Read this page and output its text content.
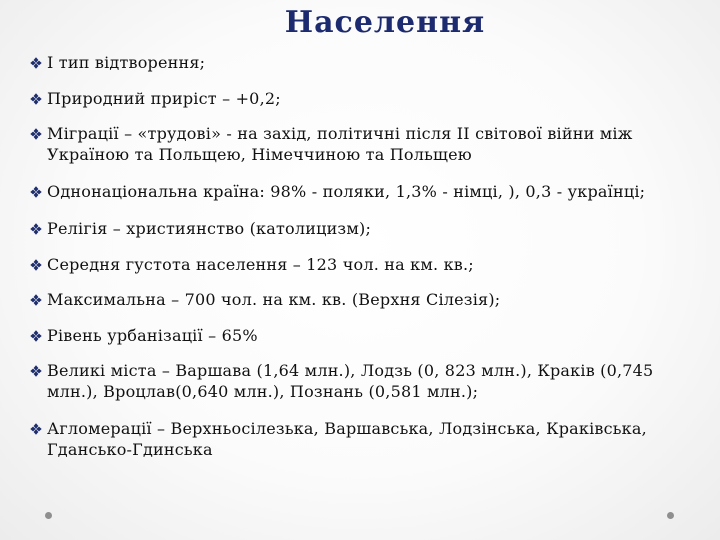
Населення
І тип відтворення;
Природний приріст – +0,2;
Міграції – «трудові» - на захід, політичні після ІІ світової війни між Україною та Польщею, Німеччиною та Польщею
Однонаціональна країна: 98% - поляки, 1,3% - німці, ), 0,3 - українці;
Релігія – християнство (католицизм);
Середня густота населення – 123 чол. на км. кв.;
Максимальна – 700 чол. на км. кв. (Верхня Сілезія);
Рівень урбанізації – 65%
Великі міста – Варшава (1,64 млн.), Лодзь (0, 823 млн.), Краків (0,745 млн.), Вроцлав(0,640 млн.), Познань (0,581 млн.);
Агломерації – Верхньосілезька, Варшавська, Лодзінська, Краківська, Гдансько-Гдинська
